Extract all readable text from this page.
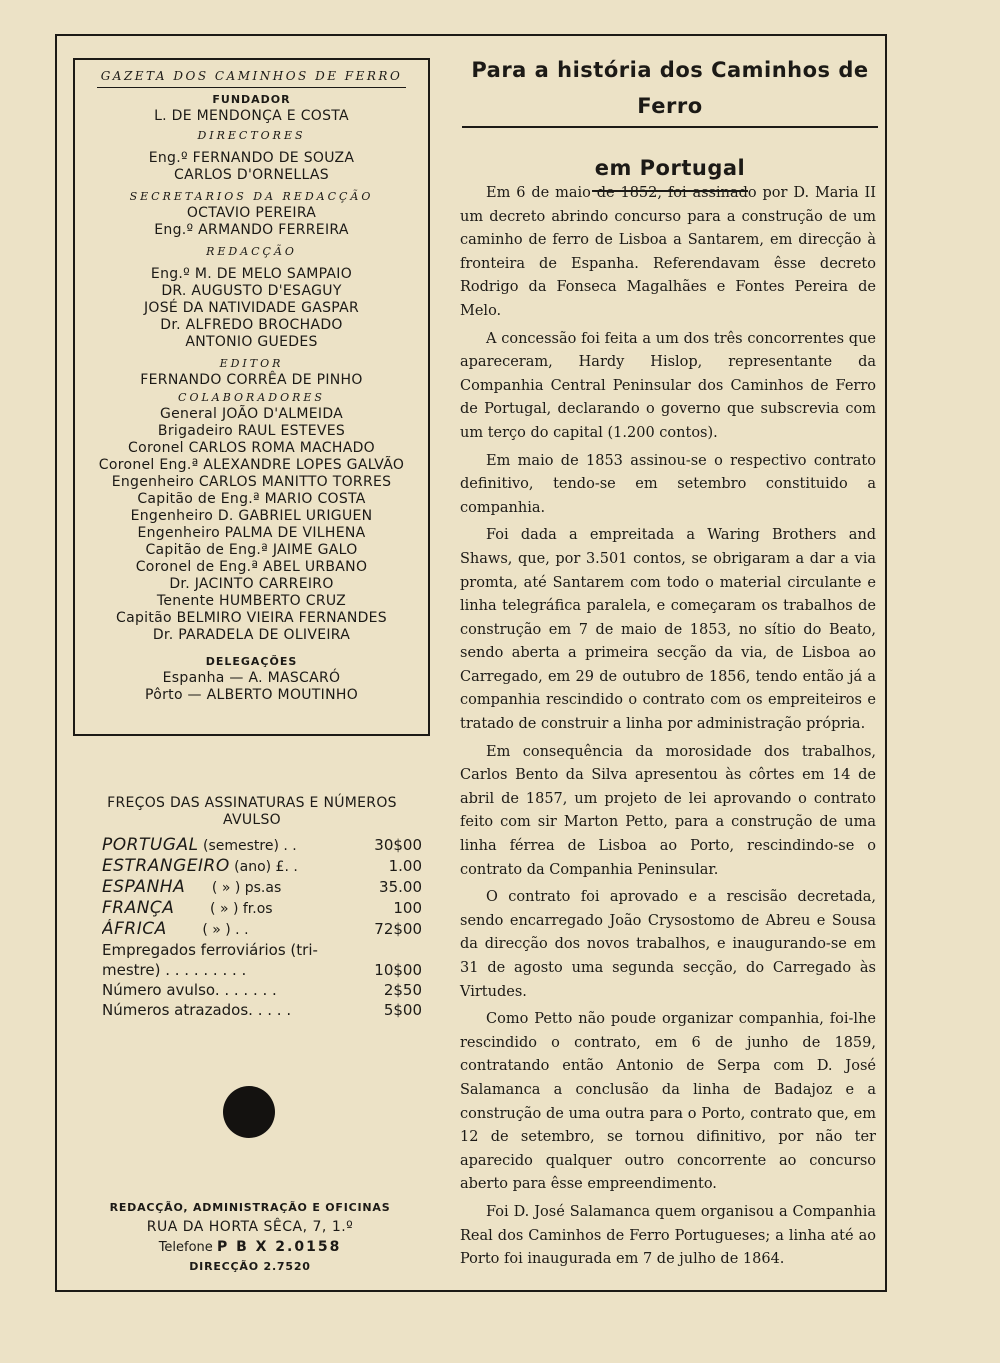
GAZETA DOS CAMINHOS DE FERRO
FUNDADOR
L. DE MENDONÇA E COSTA
DIRECTORES
Eng.º FERNANDO DE SOUZA
CARLOS D'ORNELLAS
SECRETARIOS DA REDACÇÃO
OCTAVIO PEREIRA
Eng.º ARMANDO FERREIRA
REDACÇÃO
Eng.º M. DE MELO SAMPAIO
DR. AUGUSTO D'ESAGUY
JOSÉ DA NATIVIDADE GASPAR
Dr. ALFREDO BROCHADO
ANTONIO GUEDES
EDITOR
FERNANDO CORRÊA DE PINHO
COLABORADORES
General JOÃO D'ALMEIDA
Brigadeiro RAUL ESTEVES
Coronel CARLOS ROMA MACHADO
Coronel Eng.ª ALEXANDRE LOPES GALVÃO
Engenheiro CARLOS MANITTO TORRES
Capitão de Eng.ª MARIO COSTA
Engenheiro D. GABRIEL URIGUEN
Engenheiro PALMA DE VILHENA
Capitão de Eng.ª JAIME GALO
Coronel de Eng.ª ABEL URBANO
Dr. JACINTO CARREIRO
Tenente HUMBERTO CRUZ
Capitão BELMIRO VIEIRA FERNANDES
Dr. PARADELA DE OLIVEIRA
DELEGAÇÕES
Espanha — A. MASCARÓ
Pôrto — ALBERTO MOUTINHO
FREÇOS DAS ASSINATURAS E NÚMEROS
AVULSO
PORTUGAL (semestre) . .	30$00
ESTRANGEIRO (ano) £. .	1.00
ESPANHA      ( » ) ps.as	35.00
FRANÇA        ( » ) fr.os	100
ÁFRICA        ( » ) . .	72$00
Empregados ferroviários (tri-
mestre) . . . . . . . . .	10$00
Número avulso. . . . . . .	2$50
Números atrazados. . . . .	5$00
REDACÇÃO, ADMINISTRAÇÃO E OFICINAS
RUA DA HORTA SÊCA, 7, 1.º
Telefone P B X 2.0158
DIRECÇÃO 2.7520
Para a história dos Caminhos de Ferro
em Portugal

Em 6 de maio de 1852, foi assinado por D. Maria II um decreto abrindo concurso para a construção de um caminho de ferro de Lisboa a Santarem, em direcção à fronteira de Espanha. Referendavam êsse decreto Rodrigo da Fonseca Magalhães e Fontes Pereira de Melo.

A concessão foi feita a um dos três concorrentes que apareceram, Hardy Hislop, representante da Companhia Central Peninsular dos Caminhos de Ferro de Portugal, declarando o governo que subscrevia com um terço do capital (1.200 contos).

Em maio de 1853 assinou-se o respectivo contrato definitivo, tendo-se em setembro constituido a companhia.

Foi dada a empreitada a Waring Brothers and Shaws, que, por 3.501 contos, se obrigaram a dar a via promta, até Santarem com todo o material circulante e linha telegráfica paralela, e começaram os trabalhos de construção em 7 de maio de 1853, no sítio do Beato, sendo aberta a primeira secção da via, de Lisboa ao Carregado, em 29 de outubro de 1856, tendo então já a companhia rescindido o contrato com os empreiteiros e tratado de construir a linha por administração própria.

Em consequência da morosidade dos trabalhos, Carlos Bento da Silva apresentou às côrtes em 14 de abril de 1857, um projeto de lei aprovando o contrato feito com sir Marton Petto, para a construção de uma linha férrea de Lisboa ao Porto, rescindindo-se o contrato da Companhia Peninsular.

O contrato foi aprovado e a rescisão decretada, sendo encarregado João Crysostomo de Abreu e Sousa da direcção dos novos trabalhos, e inaugurando-se em 31 de agosto uma segunda secção, do Carregado às Virtudes.

Como Petto não poude organizar companhia, foi-lhe rescindido o contrato, em 6 de junho de 1859, contratando então Antonio de Serpa com D. José Salamanca a conclusão da linha de Badajoz e a construção de uma outra para o Porto, contrato que, em 12 de setembro, se tornou difinitivo, por não ter aparecido qualquer outro concorrente ao concurso aberto para êsse empreendimento.

Foi D. José Salamanca quem organisou a Companhia Real dos Caminhos de Ferro Portugueses; a linha até ao Porto foi inaugurada em 7 de julho de 1864.
